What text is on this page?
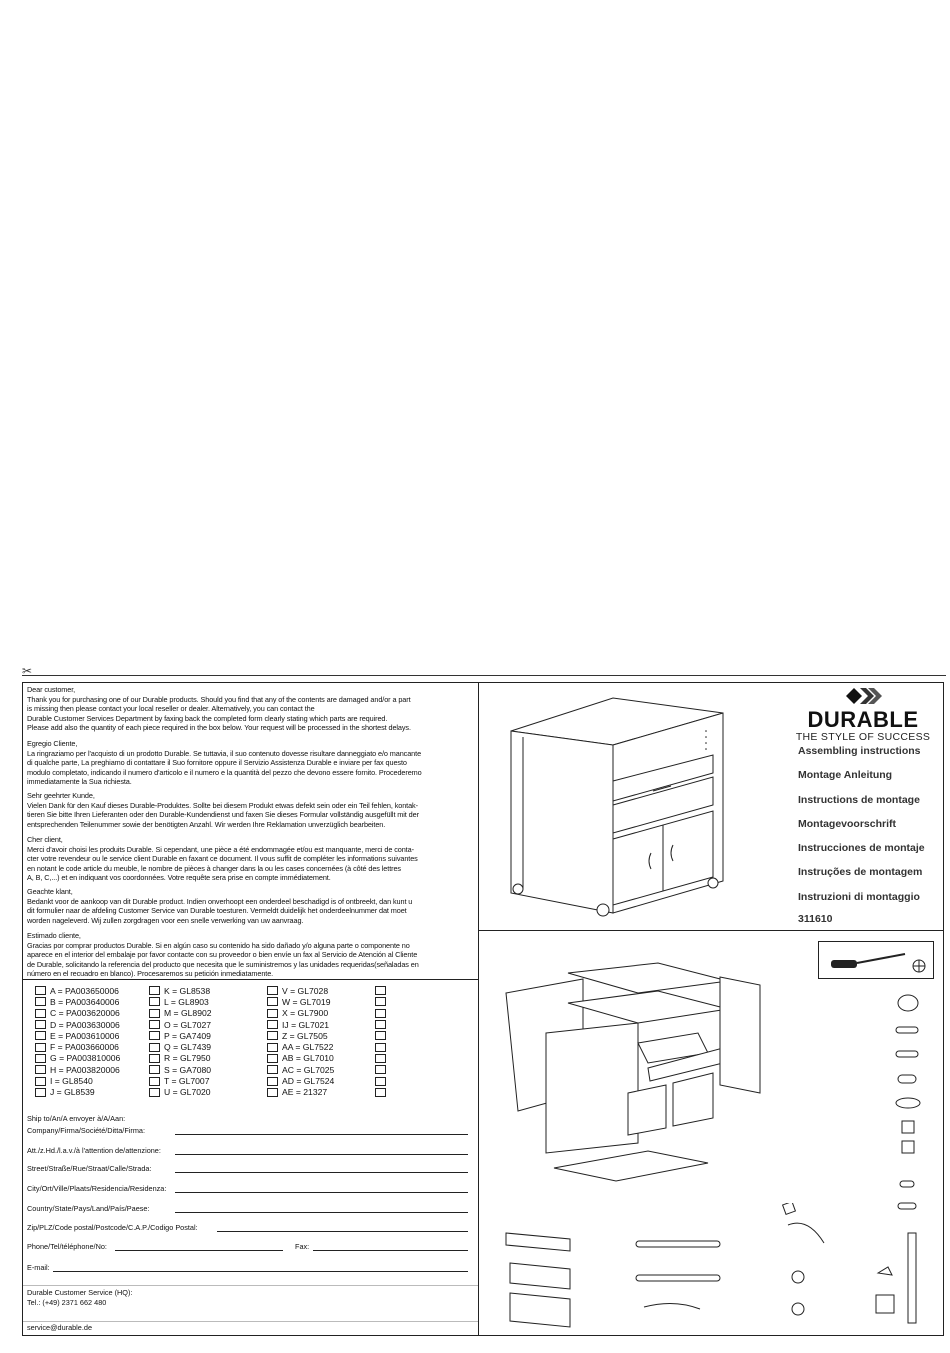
✂
Dear customer,
Thank you for purchasing one of our Durable products. Should you find that any of the contents are damaged and/or a part
is missing then please contact your local reseller or dealer. Alternatively, you can contact the
Durable Customer Services Department by faxing back the completed form clearly stating which parts are required.
Please add also the quantity of each piece required in the box below. Your request will be processed in the shortest delays.
Egregio Cliente,
La ringraziamo per l'acquisto di un prodotto Durable. Se tuttavia, il suo contenuto dovesse risultare danneggiato e/o mancante
di qualche parte, La preghiamo di contattare il Suo fornitore oppure il Servizio Assistenza Durable e inviare per fax questo
modulo completato, indicando il numero d'articolo e il numero e la quantità del pezzo che devono essere fornito. Procederemo
immediatamente la Sua richiesta.
Sehr geehrter Kunde,
Vielen Dank für den Kauf dieses Durable-Produktes. Sollte bei diesem Produkt etwas defekt sein oder ein Teil fehlen, kontak-
tieren Sie bitte Ihren Lieferanten oder den Durable-Kundendienst und faxen Sie dieses Formular vollständig ausgefüllt mit der
entsprechenden Teilenummer sowie der benötigten Anzahl. Wir werden Ihre Reklamation unverzüglich bearbeiten.
Cher client,
Merci d'avoir choisi les produits Durable. Si cependant, une pièce a été endommagée et/ou est manquante, merci de conta-
cter votre revendeur ou le service client Durable en faxant ce document. Il vous suffit de compléter les informations suivantes
en notant le code article du meuble, le nombre de pièces à changer dans la ou les cases concernées (à côté des lettres
A, B, C,...) et en indiquant vos coordonnées. Votre requête sera prise en compte immédiatement.
Geachte klant,
Bedankt voor de aankoop van dit Durable product. Indien onverhoopt een onderdeel beschadigd is of ontbreekt, dan kunt u
dit formulier naar de afdeling Customer Service van Durable toesturen. Vermeldt duidelijk het onderdeelnummer dat moet
worden nageleverd. Wij zullen zorgdragen voor een snelle verwerking van uw aanvraag.
Estimado cliente,
Gracias por comprar productos Durable. Si en algún caso su contenido ha sido dañado y/o alguna parte o componente no
aparece en el interior del embalaje por favor contacte con su proveedor o bien envíe un fax al Servicio de Atención al Cliente
de Durable, solicitando la referencia del producto que necesita que le suministremos y las unidades requeridas(señaladas en
número en el recuadro en blanco). Procesaremos su petición inmediatamente.
A = PA003650006
B = PA003640006
C = PA003620006
D = PA003630006
E = PA003610006
F = PA003660006
G = PA003810006
H = PA003820006
I = GL8540
J = GL8539
K = GL8538
L = GL8903
M = GL8902
O = GL7027
P = GA7409
Q = GL7439
R = GL7950
S = GA7080
T = GL7007
U = GL7020
V = GL7028
W = GL7019
X = GL7900
IJ = GL7021
Z = GL7505
AA = GL7522
AB = GL7010
AC = GL7025
AD = GL7524
AE = 21327
Ship to/An/A envoyer à/A/Aan:
Company/Firma/Société/Ditta/Firma:
Att./z.Hd./l.a.v./à l'attention de/attenzione:
Street/Straße/Rue/Straat/Calle/Strada:
City/Ort/Ville/Plaats/Residencia/Residenza:
Country/State/Pays/Land/País/Paese:
Zip/PLZ/Code postal/Postcode/C.A.P./Codigo Postal:
Phone/Tel/téléphone/No:	Fax:
E-mail:
Durable Customer Service (HQ):
Tel.: (+49) 2371 662 480
service@durable.de
DURABLE
THE STYLE OF SUCCESS
Assembling instructions
Montage Anleitung
Instructions de montage
Montagevoorschrift
Instrucciones de montaje
Instruções de montagem
Instruzioni di montaggio
311610
